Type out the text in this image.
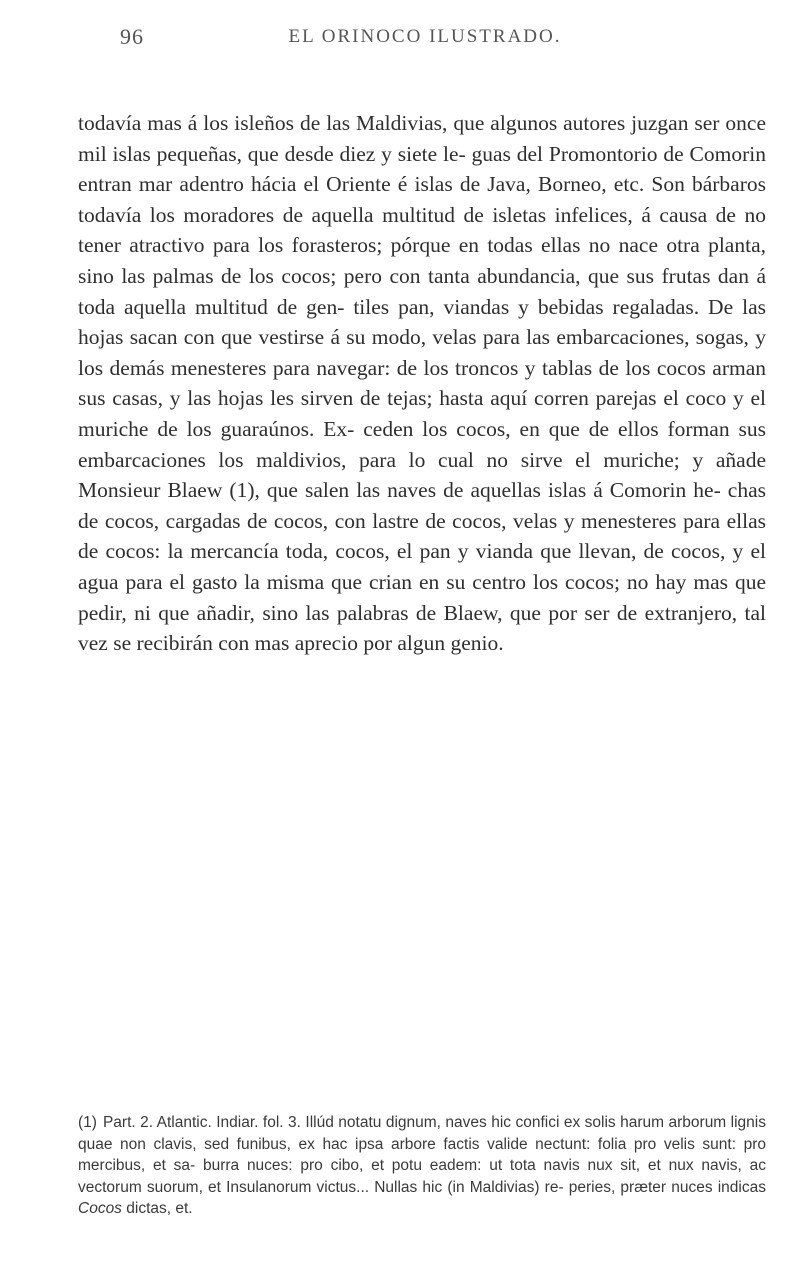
96	EL ORINOCO ILUSTRADO.

todavía mas á los isleños de las Maldivias, que algunos autores juzgan ser once mil islas pequeñas, que desde diez y siete le- guas del Promontorio de Comorin entran mar adentro hácia el Oriente é islas de Java, Borneo, etc. Son bárbaros todavía los moradores de aquella multitud de isletas infelices, á causa de no tener atractivo para los forasteros; pórque en todas ellas no nace otra planta, sino las palmas de los cocos; pero con tanta abundancia, que sus frutas dan á toda aquella multitud de gen- tiles pan, viandas y bebidas regaladas. De las hojas sacan con que vestirse á su modo, velas para las embarcaciones, sogas, y los demás menesteres para navegar: de los troncos y tablas de los cocos arman sus casas, y las hojas les sirven de tejas; hasta aquí corren parejas el coco y el muriche de los guaraúnos. Ex- ceden los cocos, en que de ellos forman sus embarcaciones los maldivios, para lo cual no sirve el muriche; y añade Monsieur Blaew (1), que salen las naves de aquellas islas á Comorin he- chas de cocos, cargadas de cocos, con lastre de cocos, velas y menesteres para ellas de cocos: la mercancía toda, cocos, el pan y vianda que llevan, de cocos, y el agua para el gasto la misma que crian en su centro los cocos; no hay mas que pedir, ni que añadir, sino las palabras de Blaew, que por ser de extranjero, tal vez se recibirán con mas aprecio por algun genio.

(1) Part. 2. Atlantic. Indiar. fol. 3. Illúd notatu dignum, naves hic confici ex solis harum arborum lignis quae non clavis, sed funibus, ex hac ipsa arbore factis valide nectunt: folia pro velis sunt: pro mercibus, et sa- burra nuces: pro cibo, et potu eadem: ut tota navis nux sit, et nux navis, ac vectorum suorum, et Insulanorum victus... Nullas hic (in Maldivias) re- peries, præter nuces indicas Cocos dictas, et.
